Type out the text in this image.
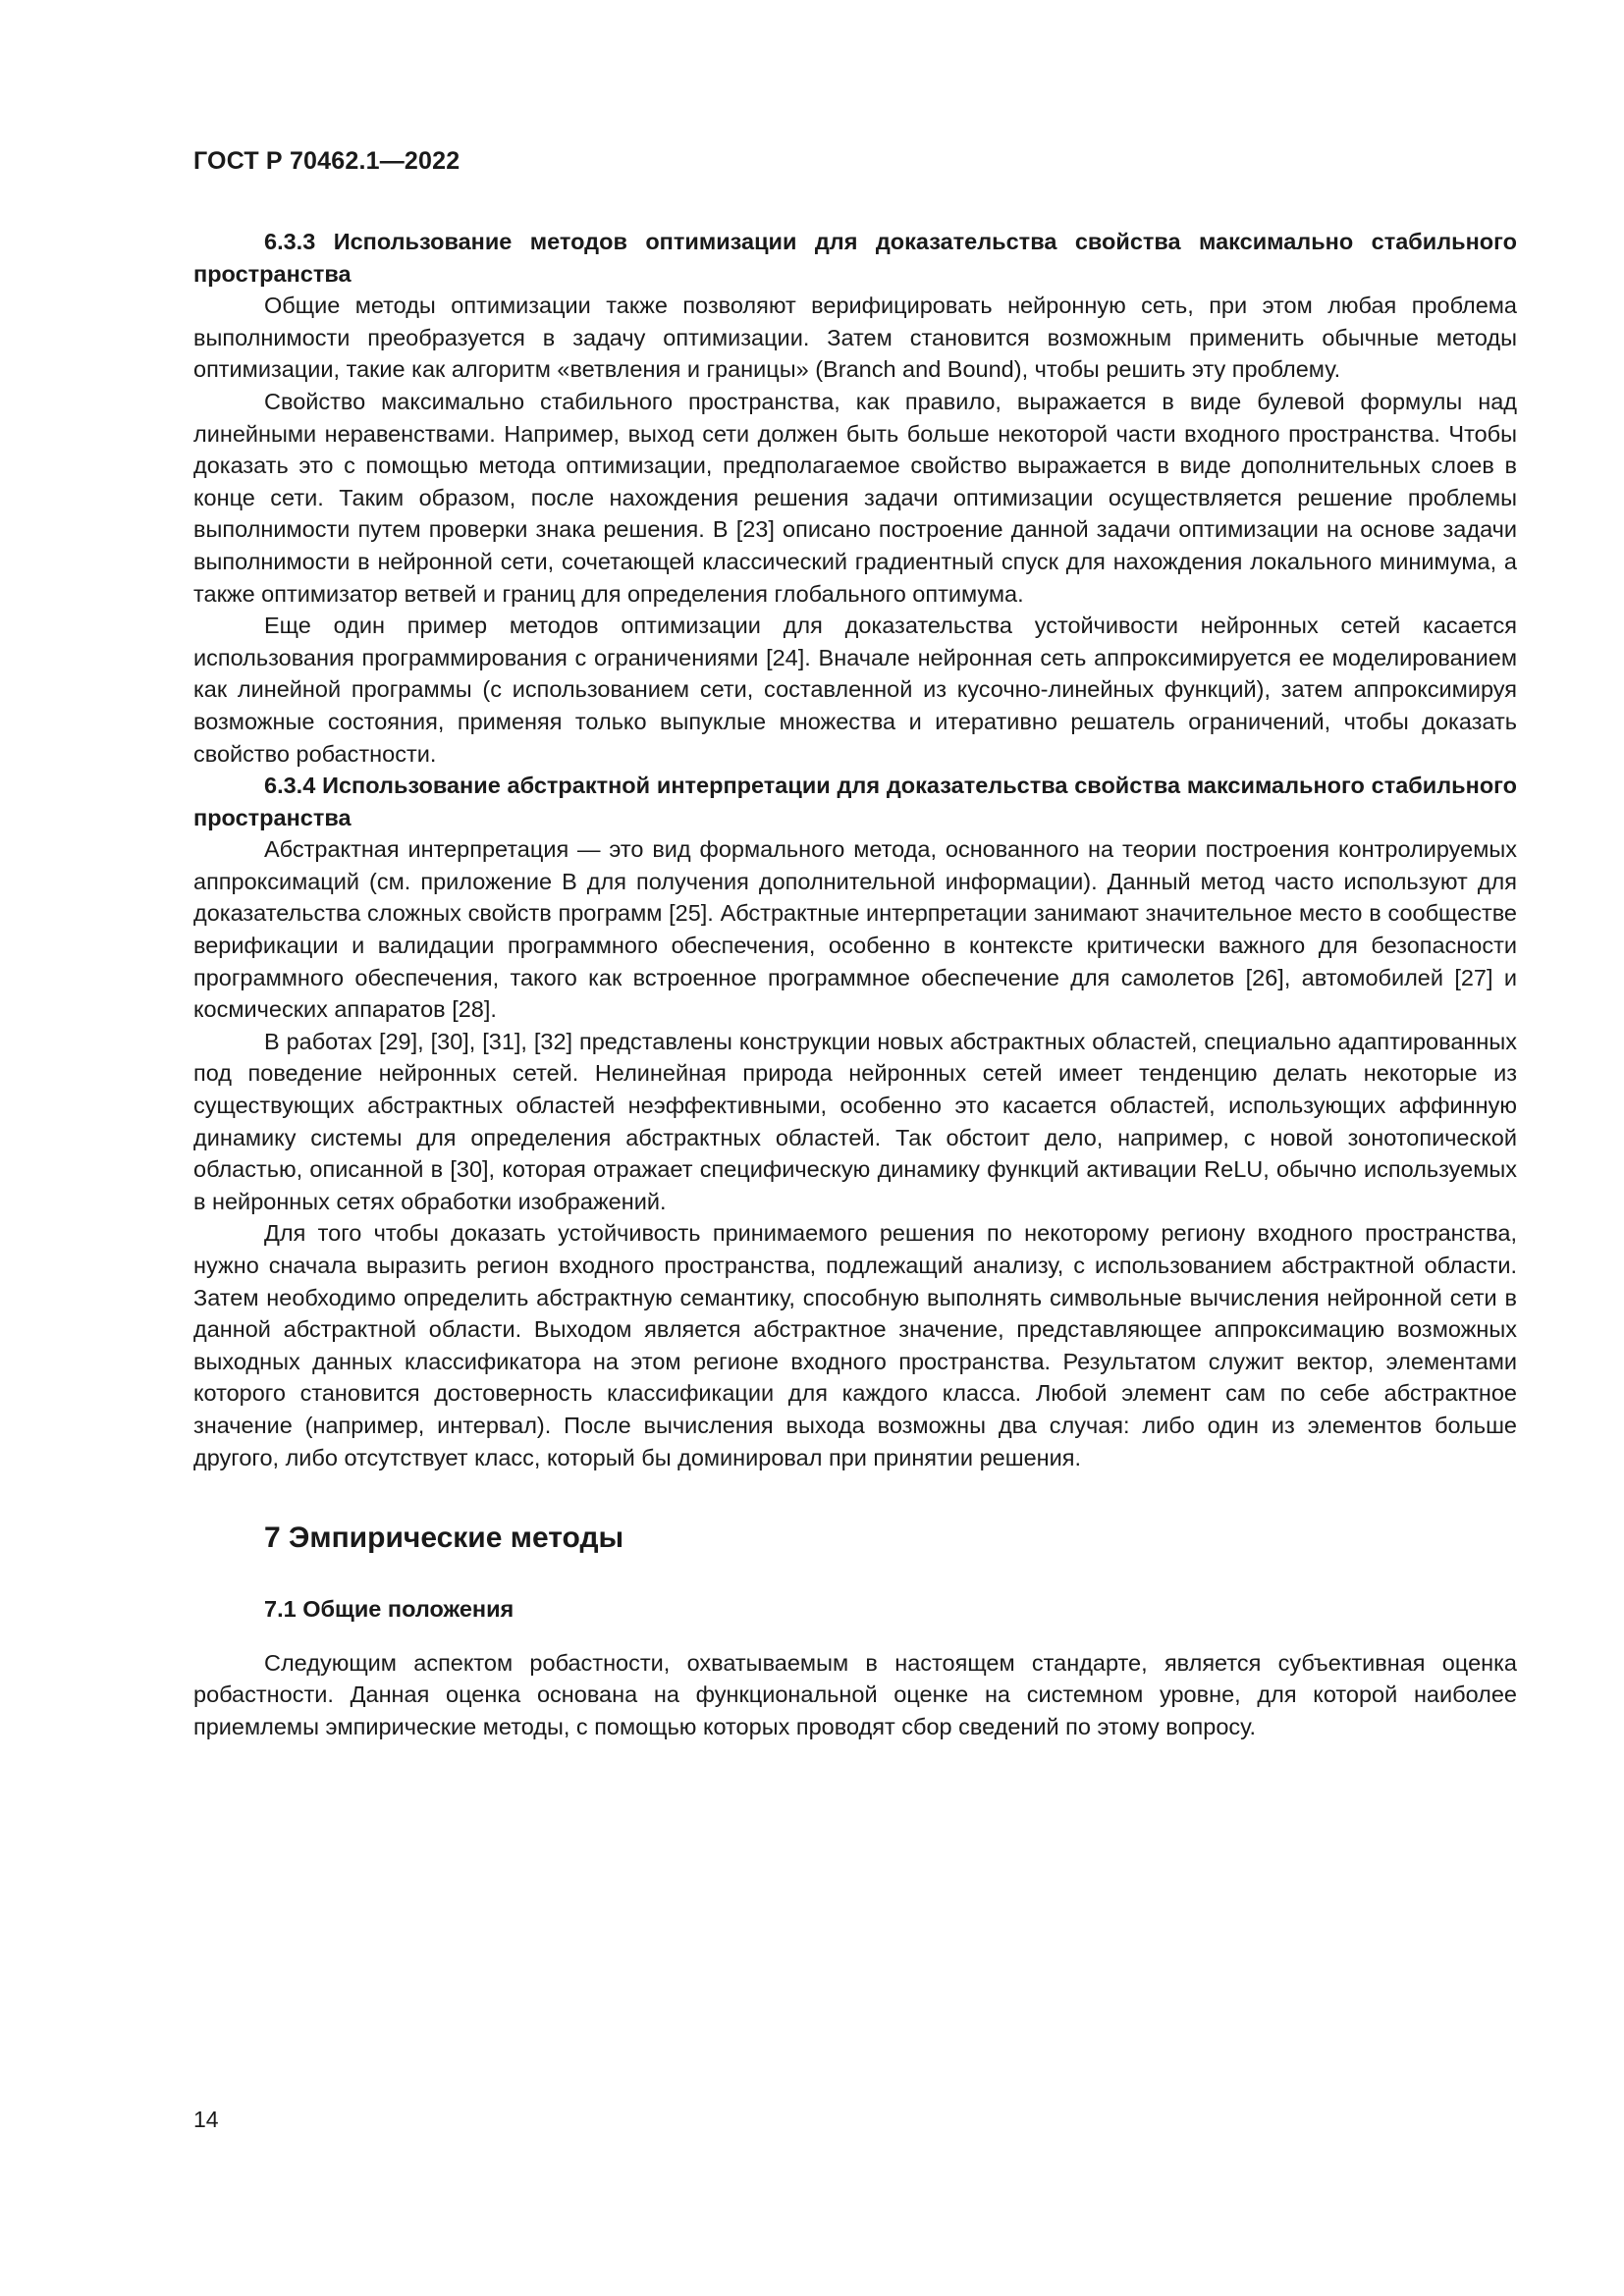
ГОСТ Р 70462.1—2022
6.3.3 Использование методов оптимизации для доказательства свойства максимально стабильного пространства

Общие методы оптимизации также позволяют верифицировать нейронную сеть, при этом любая проблема выполнимости преобразуется в задачу оптимизации. Затем становится возможным применить обычные методы оптимизации, такие как алгоритм «ветвления и границы» (Branch and Bound), чтобы решить эту проблему.

Свойство максимально стабильного пространства, как правило, выражается в виде булевой формулы над линейными неравенствами. Например, выход сети должен быть больше некоторой части входного пространства. Чтобы доказать это с помощью метода оптимизации, предполагаемое свойство выражается в виде дополнительных слоев в конце сети. Таким образом, после нахождения решения задачи оптимизации осуществляется решение проблемы выполнимости путем проверки знака решения. В [23] описано построение данной задачи оптимизации на основе задачи выполнимости в нейронной сети, сочетающей классический градиентный спуск для нахождения локального минимума, а также оптимизатор ветвей и границ для определения глобального оптимума.

Еще один пример методов оптимизации для доказательства устойчивости нейронных сетей касается использования программирования с ограничениями [24]. Вначале нейронная сеть аппроксимируется ее моделированием как линейной программы (с использованием сети, составленной из кусочно-линейных функций), затем аппроксимируя возможные состояния, применяя только выпуклые множества и итеративно решатель ограничений, чтобы доказать свойство робастности.

6.3.4 Использование абстрактной интерпретации для доказательства свойства максимального стабильного пространства

Абстрактная интерпретация — это вид формального метода, основанного на теории построения контролируемых аппроксимаций (см. приложение В для получения дополнительной информации). Данный метод часто используют для доказательства сложных свойств программ [25]. Абстрактные интерпретации занимают значительное место в сообществе верификации и валидации программного обеспечения, особенно в контексте критически важного для безопасности программного обеспечения, такого как встроенное программное обеспечение для самолетов [26], автомобилей [27] и космических аппаратов [28].

В работах [29], [30], [31], [32] представлены конструкции новых абстрактных областей, специально адаптированных под поведение нейронных сетей. Нелинейная природа нейронных сетей имеет тенденцию делать некоторые из существующих абстрактных областей неэффективными, особенно это касается областей, использующих аффинную динамику системы для определения абстрактных областей. Так обстоит дело, например, с новой зонотопической областью, описанной в [30], которая отражает специфическую динамику функций активации ReLU, обычно используемых в нейронных сетях обработки изображений.

Для того чтобы доказать устойчивость принимаемого решения по некоторому региону входного пространства, нужно сначала выразить регион входного пространства, подлежащий анализу, с использованием абстрактной области. Затем необходимо определить абстрактную семантику, способную выполнять символьные вычисления нейронной сети в данной абстрактной области. Выходом является абстрактное значение, представляющее аппроксимацию возможных выходных данных классификатора на этом регионе входного пространства. Результатом служит вектор, элементами которого становится достоверность классификации для каждого класса. Любой элемент сам по себе абстрактное значение (например, интервал). После вычисления выхода возможны два случая: либо один из элементов больше другого, либо отсутствует класс, который бы доминировал при принятии решения.

7 Эмпирические методы
7.1 Общие положения

Следующим аспектом робастности, охватываемым в настоящем стандарте, является субъективная оценка робастности. Данная оценка основана на функциональной оценке на системном уровне, для которой наиболее приемлемы эмпирические методы, с помощью которых проводят сбор сведений по этому вопросу.

14
